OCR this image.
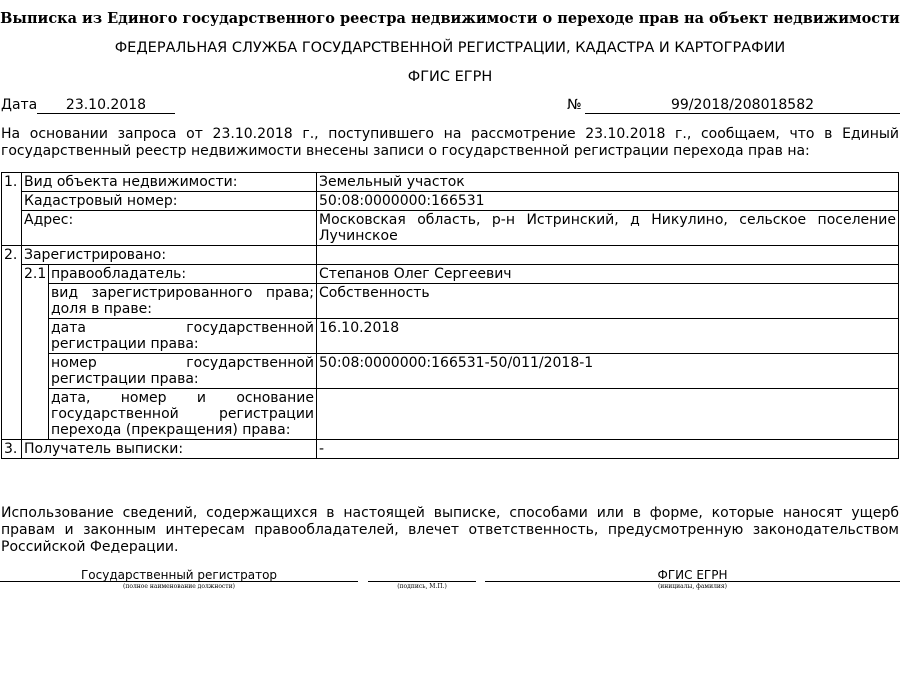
Выписка из Единого государственного реестра недвижимости о переходе прав на объект недвижимости
ФЕДЕРАЛЬНАЯ СЛУЖБА ГОСУДАРСТВЕННОЙ РЕГИСТРАЦИИ, КАДАСТРА И КАРТОГРАФИИ
ФГИС ЕГРН
Дата	23.10.2018	№	99/2018/208018582

На основании запроса от 23.10.2018 г., поступившего на рассмотрение 23.10.2018 г., сообщаем, что в Единый государственный реестр недвижимости внесены записи о государственной регистрации перехода прав на:

1.	Вид объекта недвижимости:		Земельный участок
	Кадастровый номер:		50:08:0000000:166531
	Адрес:		Московская область, р-н Истринский, д Никулино, сельское поселение Лучинское
2.	Зарегистрировано:		
	2.1	правообладатель:	Степанов Олег Сергеевич
		вид зарегистрированного права; доля в праве:	Собственность
		дата государственной регистрации права:	16.10.2018
		номер государственной регистрации права:	50:08:0000000:166531-50/011/2018-1
		дата, номер и основание государственной регистрации перехода (прекращения) права:	
3.	Получатель выписки:		-

Использование сведений, содержащихся в настоящей выписке, способами или в форме, которые наносят ущерб правам и законным интересам правообладателей, влечет ответственность, предусмотренную законодательством Российской Федерации.

Государственный регистратор
(полное наименование должности)	(подпись, М.П.)
ФГИС ЕГРН
(инициалы, фамилия)
